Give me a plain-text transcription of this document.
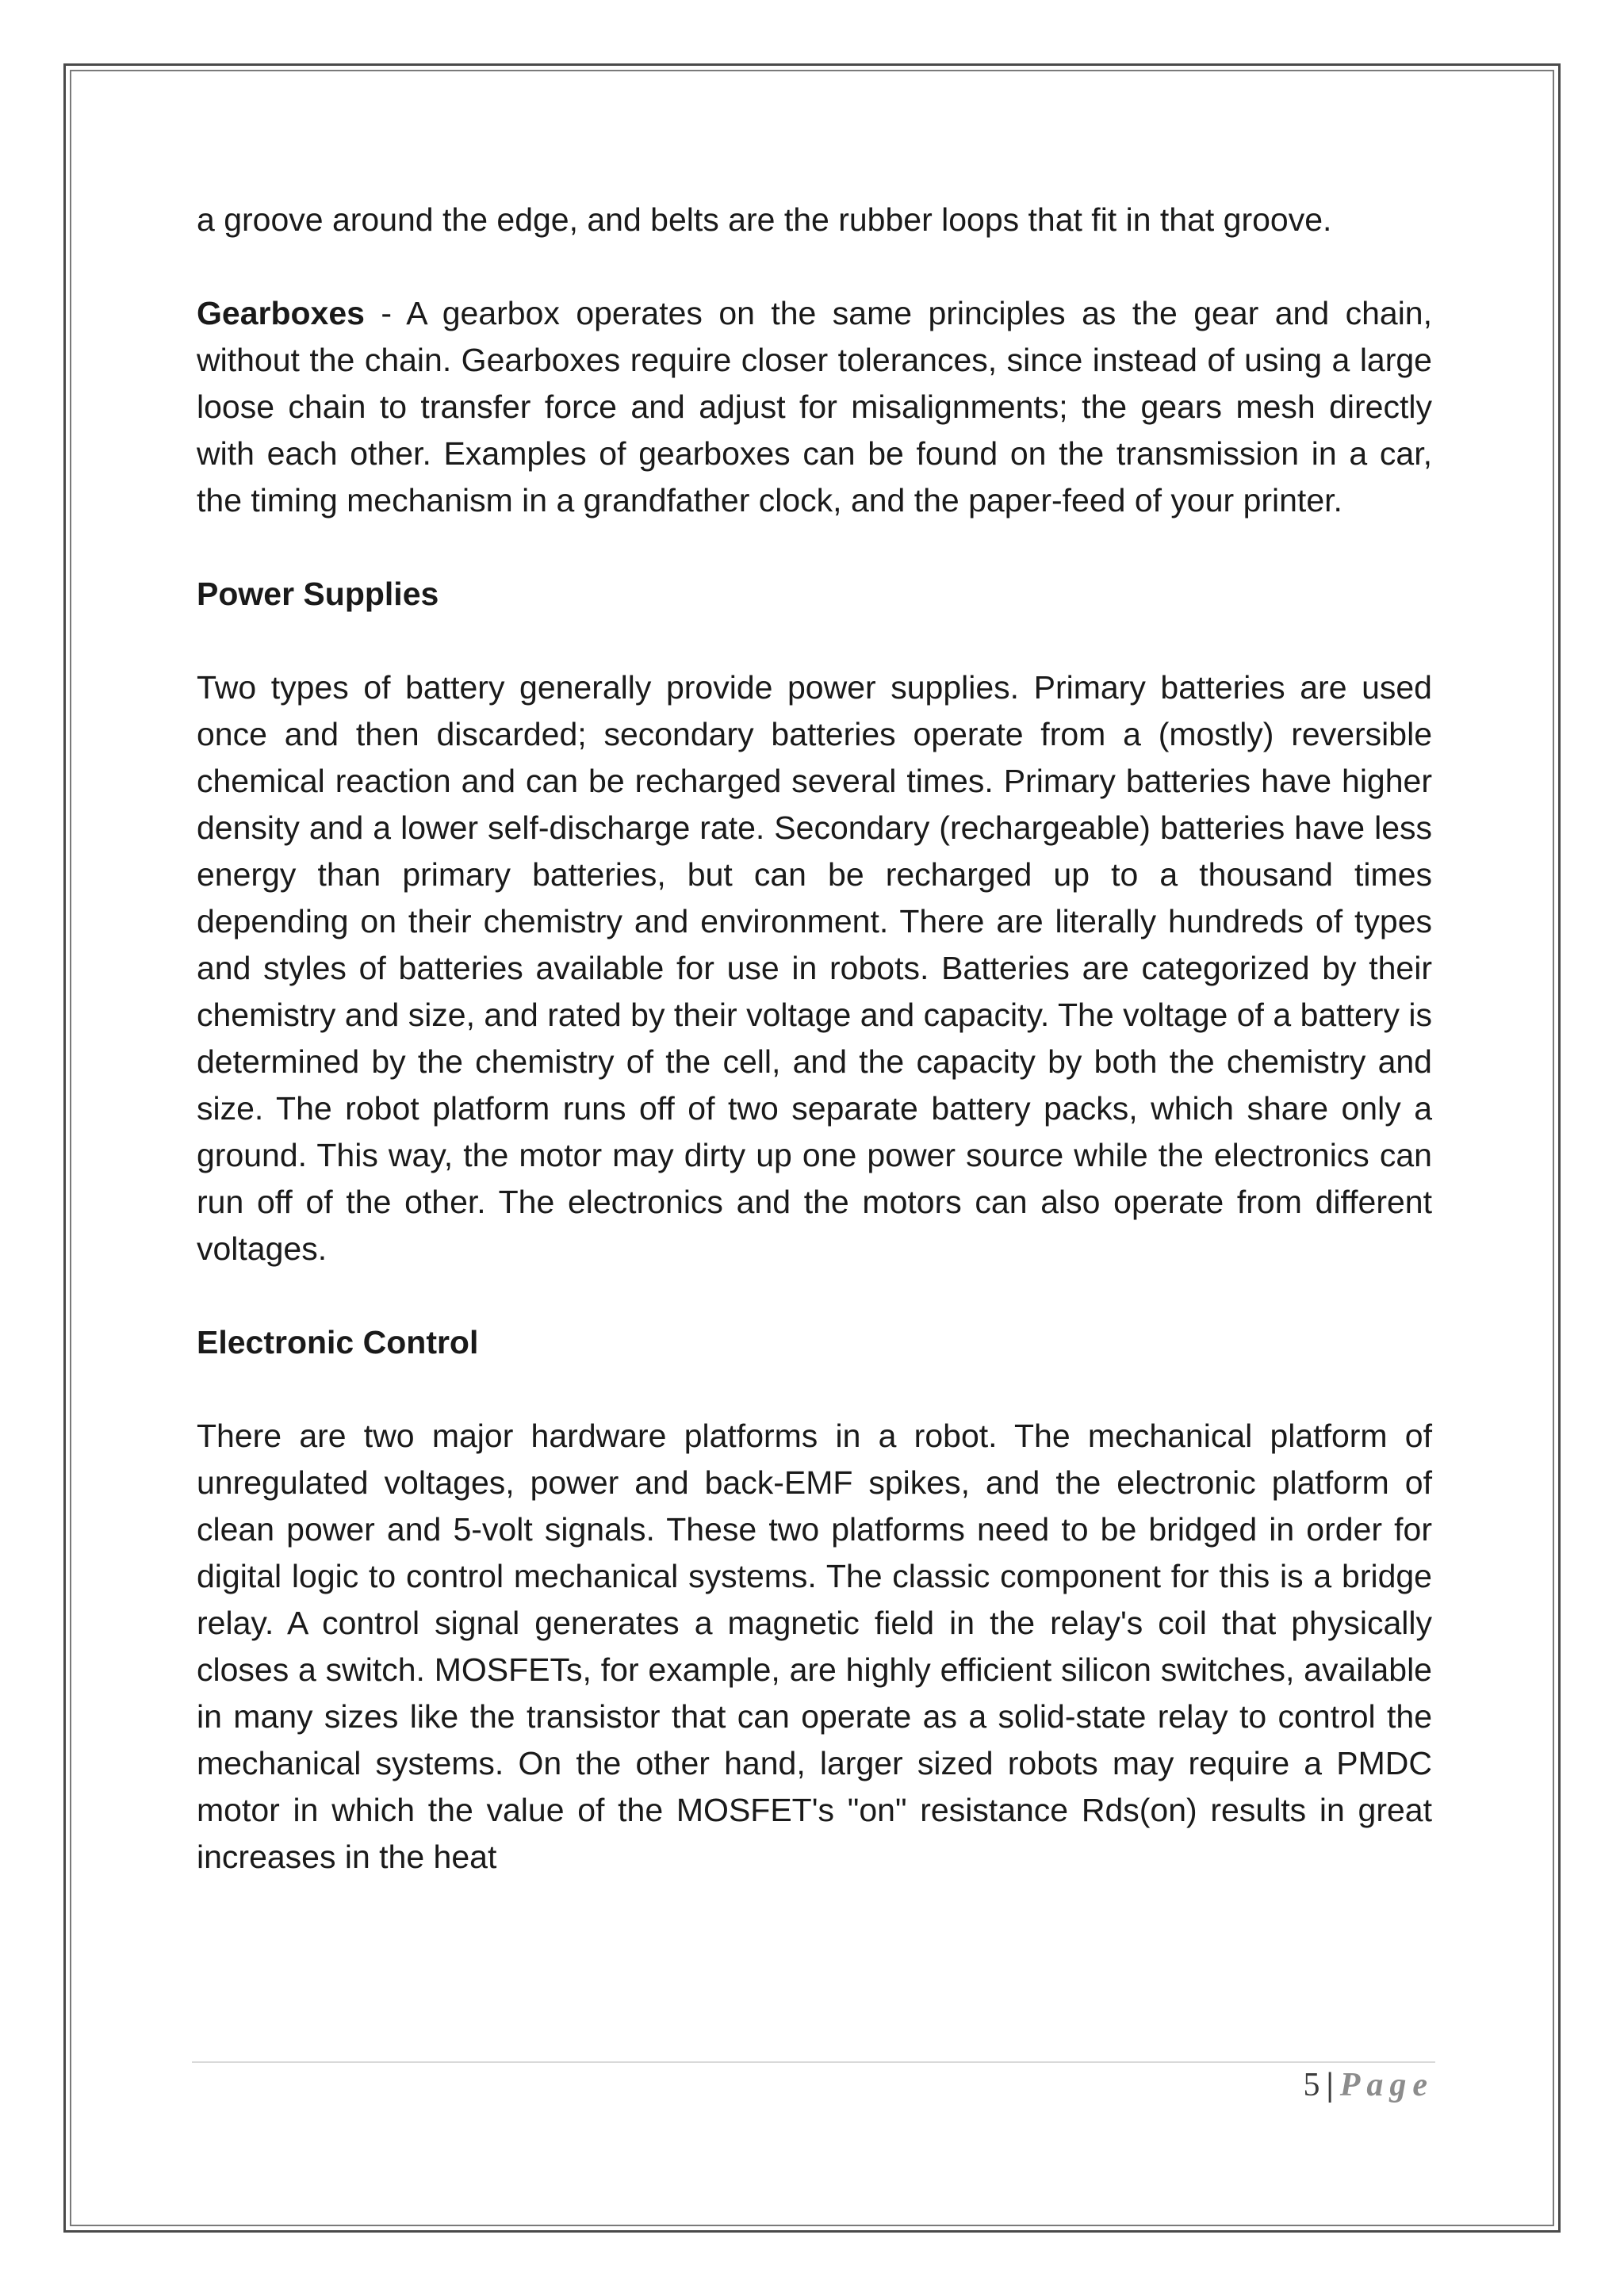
a groove around the edge, and belts are the rubber loops that fit in that groove.

Gearboxes - A gearbox operates on the same principles as the gear and chain, without the chain. Gearboxes require closer tolerances, since instead of using a large loose chain to transfer force and adjust for misalignments; the gears mesh directly with each other. Examples of gearboxes can be found on the transmission in a car, the timing mechanism in a grandfather clock, and the paper-feed of your printer.

Power Supplies

Two types of battery generally provide power supplies. Primary batteries are used once and then discarded; secondary batteries operate from a (mostly) reversible chemical reaction and can be recharged several times. Primary batteries have higher density and a lower self-discharge rate. Secondary (rechargeable) batteries have less energy than primary batteries, but can be recharged up to a thousand times depending on their chemistry and environment. There are literally hundreds of types and styles of batteries available for use in robots. Batteries are categorized by their chemistry and size, and rated by their voltage and capacity. The voltage of a battery is determined by the chemistry of the cell, and the capacity by both the chemistry and size. The robot platform runs off of two separate battery packs, which share only a ground. This way, the motor may dirty up one power source while the electronics can run off of the other. The electronics and the motors can also operate from different voltages.

Electronic Control

There are two major hardware platforms in a robot. The mechanical platform of unregulated voltages, power and back-EMF spikes, and the electronic platform of clean power and 5-volt signals. These two platforms need to be bridged in order for digital logic to control mechanical systems. The classic component for this is a bridge relay. A control signal generates a magnetic field in the relay's coil that physically closes a switch. MOSFETs, for example, are highly efficient silicon switches, available in many sizes like the transistor that can operate as a solid-state relay to control the mechanical systems. On the other hand, larger sized robots may require a PMDC motor in which the value of the MOSFET's "on" resistance Rds(on) results in great increases in the heat

5 | Page
